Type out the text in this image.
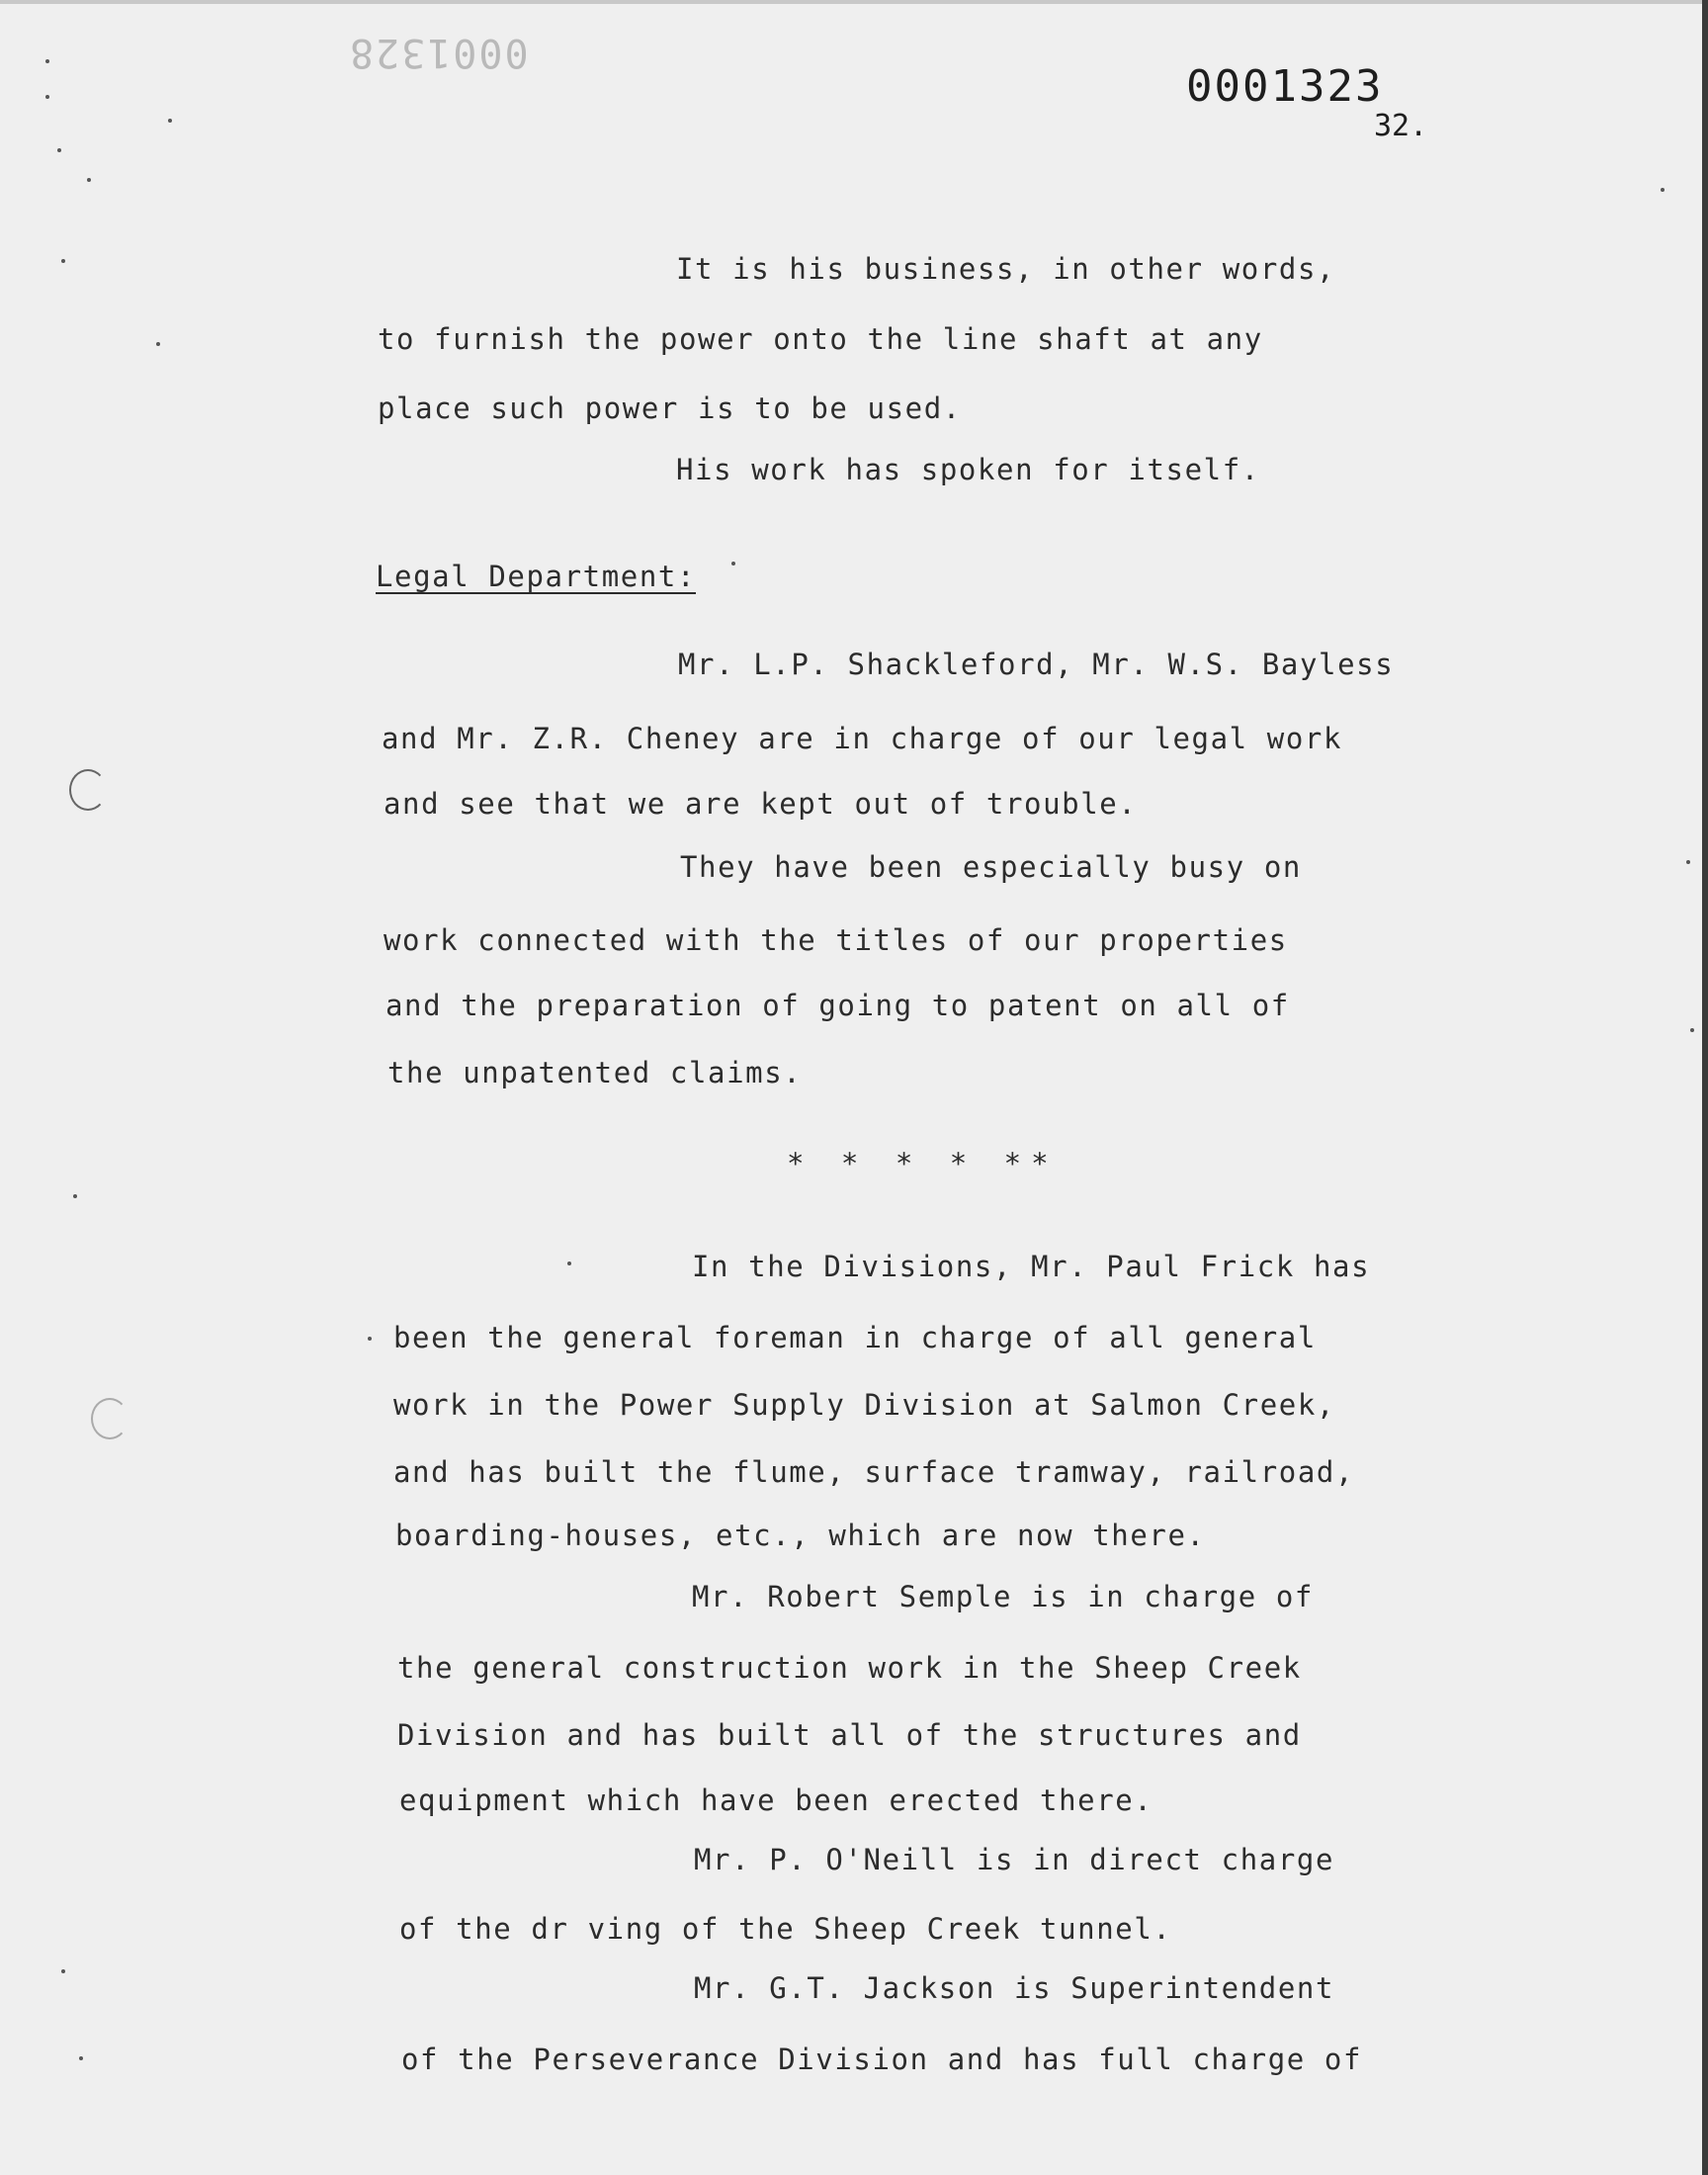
0001328
0001323
32.
It is his business, in other words,
to furnish the power onto the line shaft at any
place such power is to be used.
His work has spoken for itself.
Legal Department:
Mr. L.P. Shackleford, Mr. W.S. Bayless
and Mr. Z.R. Cheney are in charge of our legal work
and see that we are kept out of trouble.
They have been especially busy on
work connected with the titles of our properties
and the preparation of going to patent on all of
the unpatented claims.
* * * * **
In the Divisions, Mr. Paul Frick has
been the general foreman in charge of all general
work in the Power Supply Division at Salmon Creek,
and has built the flume, surface tramway, railroad,
boarding-houses, etc., which are now there.
Mr. Robert Semple is in charge of
the general construction work in the Sheep Creek
Division and has built all of the structures and
equipment which have been erected there.
Mr. P. O'Neill is in direct charge
of the dr ving of the Sheep Creek tunnel.
Mr. G.T. Jackson is Superintendent
of the Perseverance Division and has full charge of
